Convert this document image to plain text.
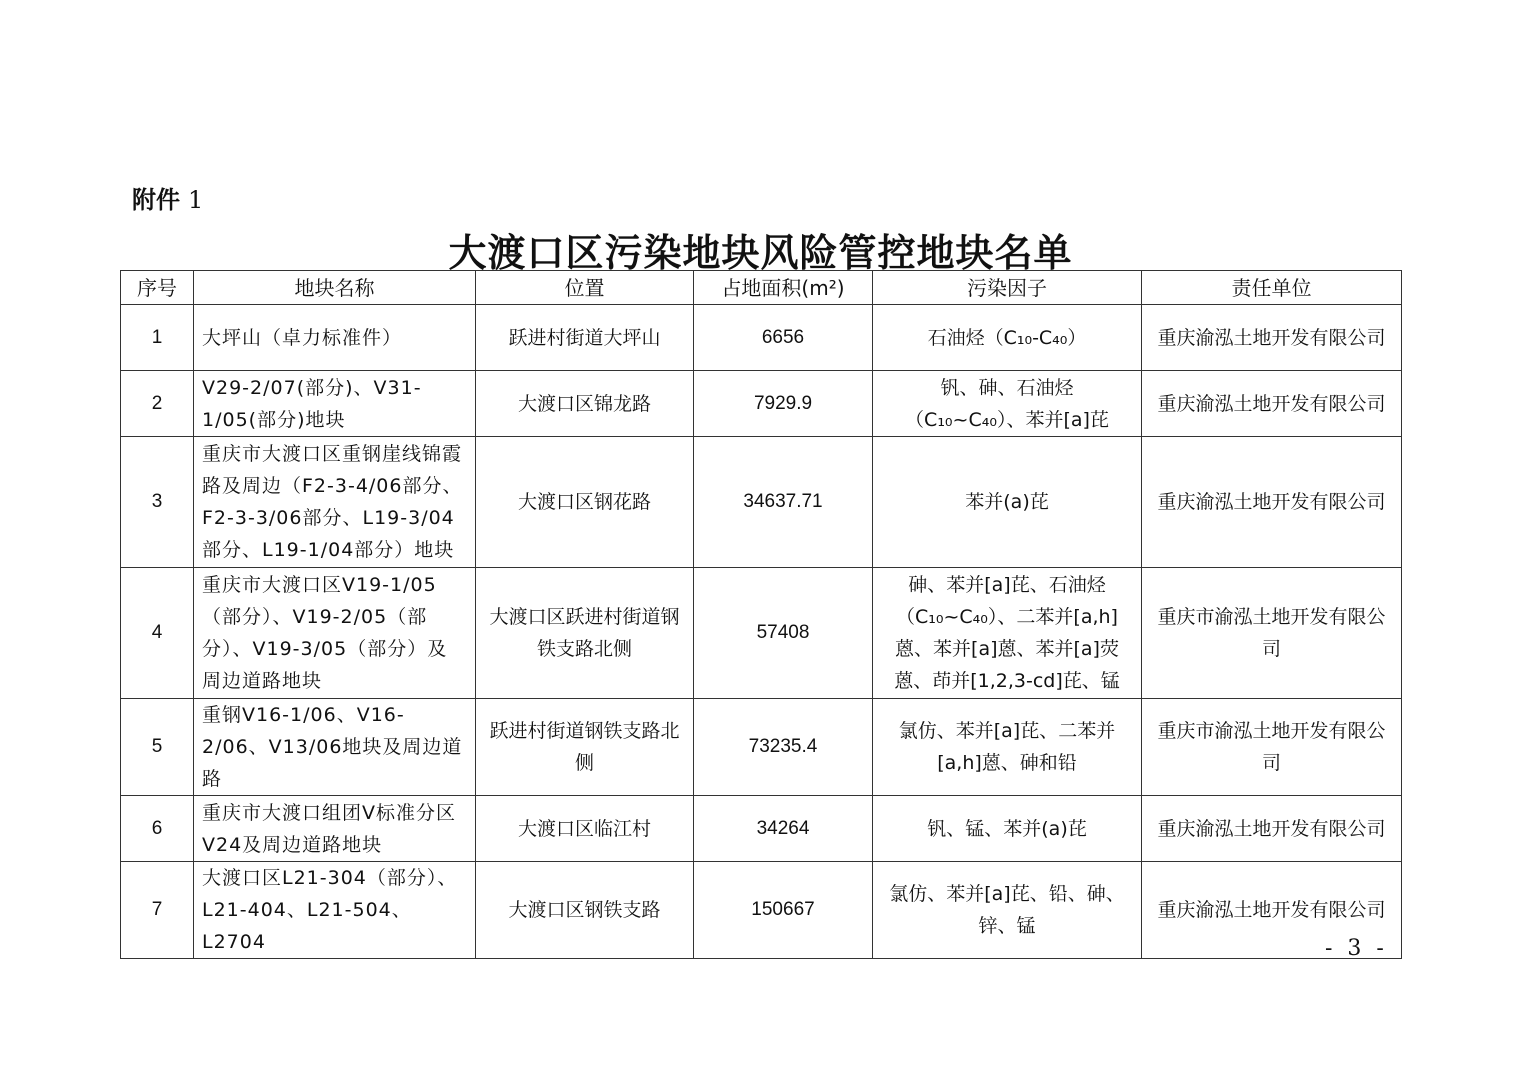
附件 1
大渡口区污染地块风险管控地块名单
序号	地块名称	位置	占地面积(m²)	污染因子	责任单位
1	大坪山（卓力标准件）	跃进村街道大坪山	6656	石油烃（C₁₀-C₄₀）	重庆渝泓土地开发有限公司
2	V29-2/07(部分)、V31-1/05(部分)地块	大渡口区锦龙路	7929.9	钒、砷、石油烃（C₁₀~C₄₀）、苯并[a]芘	重庆渝泓土地开发有限公司
3	重庆市大渡口区重钢崖线锦霞路及周边（F2-3-4/06部分、F2-3-3/06部分、L19-3/04部分、L19-1/04部分）地块	大渡口区钢花路	34637.71	苯并(a)芘	重庆渝泓土地开发有限公司
4	重庆市大渡口区V19-1/05（部分）、V19-2/05（部分）、V19-3/05（部分）及周边道路地块	大渡口区跃进村街道钢铁支路北侧	57408	砷、苯并[a]芘、石油烃（C₁₀~C₄₀）、二苯并[a,h]蒽、苯并[a]蒽、苯并[a]荧蒽、茚并[1,2,3-cd]芘、锰	重庆市渝泓土地开发有限公司
5	重钢V16-1/06、V16-2/06、V13/06地块及周边道路	跃进村街道钢铁支路北侧	73235.4	氯仿、苯并[a]芘、二苯并[a,h]蒽、砷和铅	重庆市渝泓土地开发有限公司
6	重庆市大渡口组团V标准分区V24及周边道路地块	大渡口区临江村	34264	钒、锰、苯并(a)芘	重庆渝泓土地开发有限公司
7	大渡口区L21-304（部分）、L21-404、L21-504、L2704	大渡口区钢铁支路	150667	氯仿、苯并[a]芘、铅、砷、锌、锰	重庆渝泓土地开发有限公司
- 3 -
